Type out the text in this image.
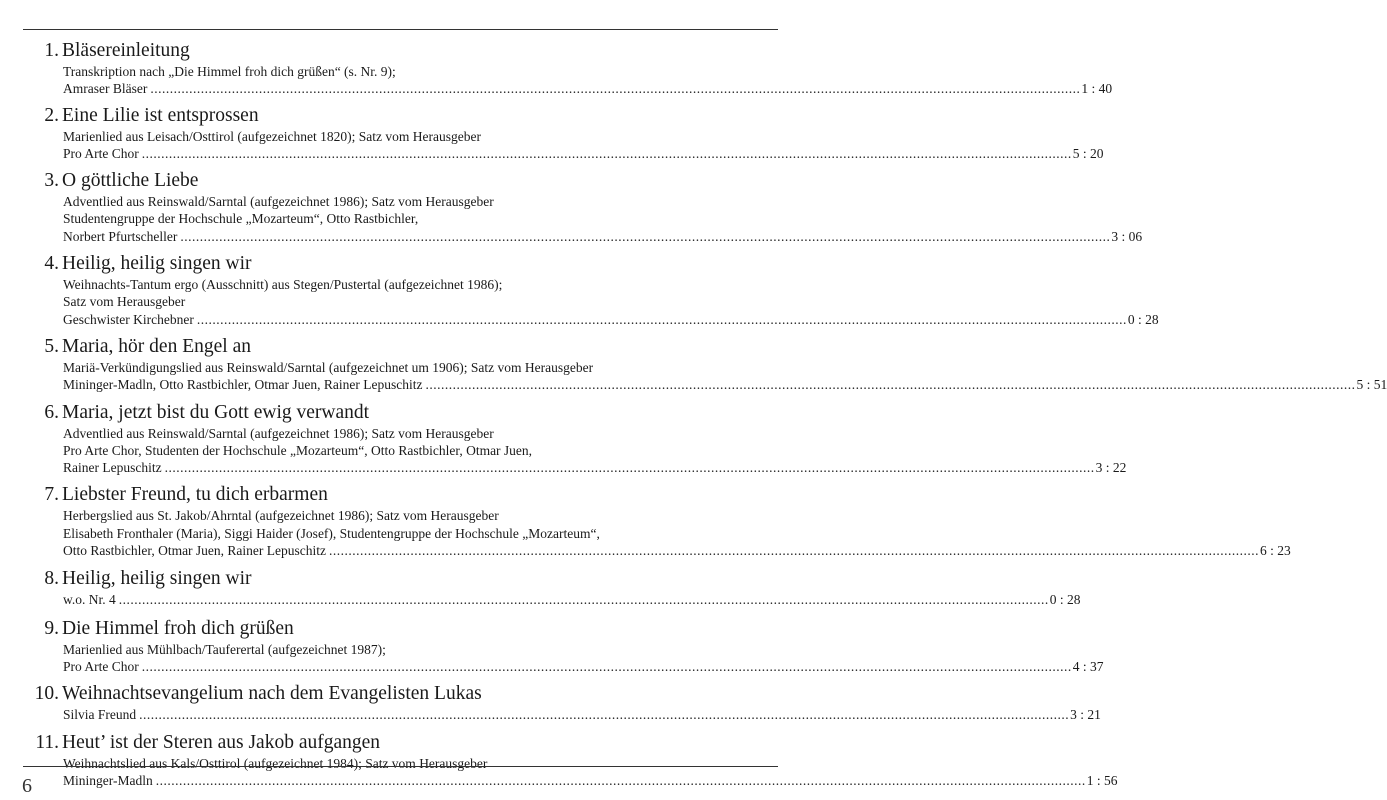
1. Bläsereinleitung
Transkription nach „Die Himmel froh dich grüßen“ (s. Nr. 9);
Amraser Bläser ................................................................................................................................................................................................................................................ 1 : 40
2. Eine Lilie ist entsprossen
Marienlied aus Leisach/Osttirol (aufgezeichnet 1820); Satz vom Herausgeber
Pro Arte Chor ................................................................................................................................................................................................................................................ 5 : 20
3. O göttliche Liebe
Adventlied aus Reinswald/Sarntal (aufgezeichnet 1986); Satz vom Herausgeber
Studentengruppe der Hochschule „Mozarteum“, Otto Rastbichler,
Norbert Pfurtscheller ................................................................................................................................................................................................................................................ 3 : 06
4. Heilig, heilig singen wir
Weihnachts-Tantum ergo (Ausschnitt) aus Stegen/Pustertal (aufgezeichnet 1986);
Satz vom Herausgeber
Geschwister Kirchebner ................................................................................................................................................................................................................................................ 0 : 28
5. Maria, hör den Engel an
Mariä-Verkündigungslied aus Reinswald/Sarntal (aufgezeichnet um 1906); Satz vom Herausgeber
Mininger-Madln, Otto Rastbichler, Otmar Juen, Rainer Lepuschitz ................................................................................................................................................................................................................................................ 5 : 51
6. Maria, jetzt bist du Gott ewig verwandt
Adventlied aus Reinswald/Sarntal (aufgezeichnet 1986); Satz vom Herausgeber
Pro Arte Chor, Studenten der Hochschule „Mozarteum“, Otto Rastbichler, Otmar Juen,
Rainer Lepuschitz ................................................................................................................................................................................................................................................ 3 : 22
7. Liebster Freund, tu dich erbarmen
Herbergslied aus St. Jakob/Ahrntal (aufgezeichnet 1986); Satz vom Herausgeber
Elisabeth Fronthaler (Maria), Siggi Haider (Josef), Studentengruppe der Hochschule „Mozarteum“,
Otto Rastbichler, Otmar Juen, Rainer Lepuschitz ................................................................................................................................................................................................................................................ 6 : 23
8. Heilig, heilig singen wir
w.o. Nr. 4 ................................................................................................................................................................................................................................................ 0 : 28
9. Die Himmel froh dich grüßen
Marienlied aus Mühlbach/Tauferertal (aufgezeichnet 1987);
Pro Arte Chor ................................................................................................................................................................................................................................................ 4 : 37
10. Weihnachtsevangelium nach dem Evangelisten Lukas
Silvia Freund ................................................................................................................................................................................................................................................ 3 : 21
11. Heut’ ist der Steren aus Jakob aufgangen
Weihnachtslied aus Kals/Osttirol (aufgezeichnet 1984); Satz vom Herausgeber
Mininger-Madln ................................................................................................................................................................................................................................................ 1 : 56
6
